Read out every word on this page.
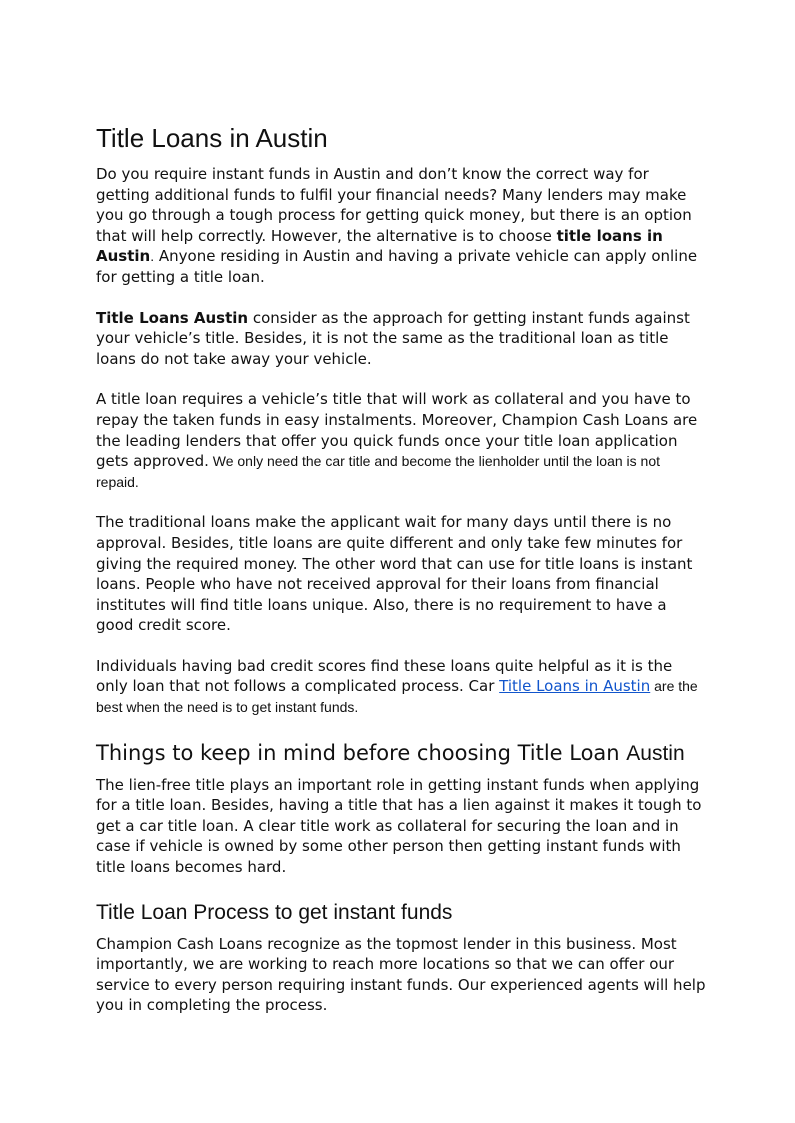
Title Loans in Austin

Do you require instant funds in Austin and don’t know the correct way for getting additional funds to fulfil your financial needs? Many lenders may make you go through a tough process for getting quick money, but there is an option that will help correctly. However, the alternative is to choose title loans in Austin. Anyone residing in Austin and having a private vehicle can apply online for getting a title loan.

Title Loans Austin consider as the approach for getting instant funds against your vehicle’s title. Besides, it is not the same as the traditional loan as title loans do not take away your vehicle.

A title loan requires a vehicle’s title that will work as collateral and you have to repay the taken funds in easy instalments. Moreover, Champion Cash Loans are the leading lenders that offer you quick funds once your title loan application gets approved. We only need the car title and become the lienholder until the loan is not repaid.

The traditional loans make the applicant wait for many days until there is no approval. Besides, title loans are quite different and only take few minutes for giving the required money. The other word that can use for title loans is instant loans. People who have not received approval for their loans from financial institutes will find title loans unique. Also, there is no requirement to have a good credit score.

Individuals having bad credit scores find these loans quite helpful as it is the only loan that not follows a complicated process. Car Title Loans in Austin are the best when the need is to get instant funds.

Things to keep in mind before choosing Title Loan Austin

The lien-free title plays an important role in getting instant funds when applying for a title loan. Besides, having a title that has a lien against it makes it tough to get a car title loan. A clear title work as collateral for securing the loan and in case if vehicle is owned by some other person then getting instant funds with title loans becomes hard.

Title Loan Process to get instant funds

Champion Cash Loans recognize as the topmost lender in this business. Most importantly, we are working to reach more locations so that we can offer our service to every person requiring instant funds. Our experienced agents will help you in completing the process.
